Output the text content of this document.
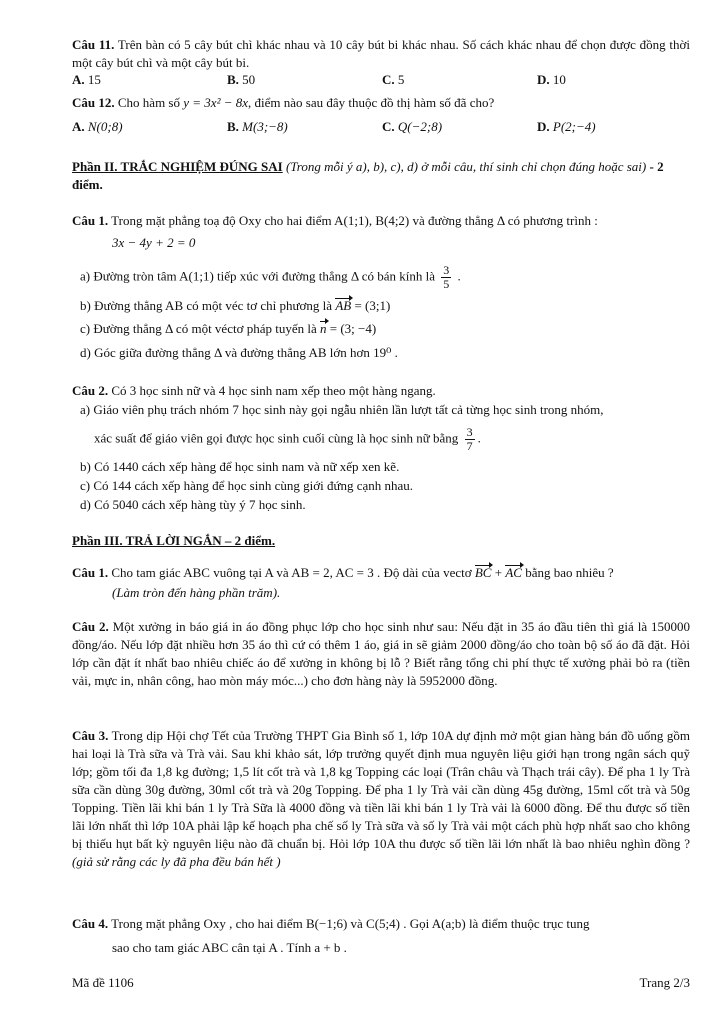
Câu 11. Trên bàn có 5 cây bút chì khác nhau và 10 cây bút bi khác nhau. Số cách khác nhau để chọn được đồng thời một cây bút chì và một cây bút bi.
A. 15	B. 50	C. 5	D. 10
Câu 12. Cho hàm số y = 3x² − 8x, điểm nào sau đây thuộc đồ thị hàm số đã cho?
A. N(0;8)	B. M(3;−8)	C. Q(−2;8)	D. P(2;−4)
Phần II. TRẮC NGHIỆM ĐÚNG SAI (Trong mỗi ý a), b), c), d) ở mỗi câu, thí sinh chỉ chọn đúng hoặc sai) - 2 điểm.
Câu 1. Trong mặt phẳng toạ độ Oxy cho hai điểm A(1;1), B(4;2) và đường thẳng Δ có phương trình :
3x − 4y + 2 = 0
a) Đường tròn tâm A(1;1) tiếp xúc với đường thẳng Δ có bán kính là $\frac{3}{5}$ .
b) Đường thẳng AB có một véc tơ chỉ phương là AB = (3;1)
c) Đường thẳng Δ có một véctơ pháp tuyến là n = (3; −4)
d) Góc giữa đường thẳng Δ và đường thẳng AB lớn hơn 19⁰ .
Câu 2. Có 3 học sinh nữ và 4 học sinh nam xếp theo một hàng ngang.
a) Giáo viên phụ trách nhóm 7 học sinh này gọi ngẫu nhiên lần lượt tất cả từng học sinh trong nhóm,
xác suất để giáo viên gọi được học sinh cuối cùng là học sinh nữ bằng $\frac{3}{7}$ .
b) Có 1440 cách xếp hàng để học sinh nam và nữ xếp xen kẽ.
c) Có 144 cách xếp hàng để học sinh cùng giới đứng cạnh nhau.
d) Có 5040 cách xếp hàng tùy ý 7 học sinh.
Phần III. TRẢ LỜI NGẮN – 2 điểm.
Câu 1. Cho tam giác ABC vuông tại A và AB = 2, AC = 3 . Độ dài của vectơ BC + AC bằng bao nhiêu ?
(Làm tròn đến hàng phần trăm).
Câu 2. Một xưởng in báo giá in áo đồng phục lớp cho học sinh như sau: Nếu đặt in 35 áo đầu tiên thì giá là 150000 đồng/áo. Nếu lớp đặt nhiều hơn 35 áo thì cứ có thêm 1 áo, giá in sẽ giảm 2000 đồng/áo cho toàn bộ số áo đã đặt. Hỏi lớp cần đặt ít nhất bao nhiêu chiếc áo để xưởng in không bị lỗ ? Biết rằng tổng chi phí thực tế xưởng phải bỏ ra (tiền vải, mực in, nhân công, hao mòn máy móc...) cho đơn hàng này là 5952000 đồng.
Câu 3. Trong dịp Hội chợ Tết của Trường THPT Gia Bình số 1, lớp 10A dự định mở một gian hàng bán đồ uống gồm hai loại là Trà sữa và Trà vải. Sau khi khảo sát, lớp trưởng quyết định mua nguyên liệu giới hạn trong ngân sách quỹ lớp; gồm tối đa 1,8 kg đường; 1,5 lít cốt trà và 1,8 kg Topping các loại (Trân châu và Thạch trái cây). Để pha 1 ly Trà sữa cần dùng 30g đường, 30ml cốt trà và 20g Topping. Để pha 1 ly Trà vải cần dùng 45g đường, 15ml cốt trà và 50g Topping. Tiền lãi khi bán 1 ly Trà Sữa là 4000 đồng và tiền lãi khi bán 1 ly Trà vải là 6000 đồng. Để thu được số tiền lãi lớn nhất thì lớp 10A phải lập kế hoạch pha chế số ly Trà sữa và số ly Trà vải một cách phù hợp nhất sao cho không bị thiếu hụt bất kỳ nguyên liệu nào đã chuẩn bị. Hỏi lớp 10A thu được số tiền lãi lớn nhất là bao nhiêu nghìn đồng ? (giả sử rằng các ly đã pha đều bán hết )
Câu 4. Trong mặt phẳng Oxy , cho hai điểm B(−1;6) và C(5;4) . Gọi A(a;b) là điểm thuộc trục tung
sao cho tam giác ABC cân tại A . Tính a + b .
Mã đề 1106	Trang 2/3
